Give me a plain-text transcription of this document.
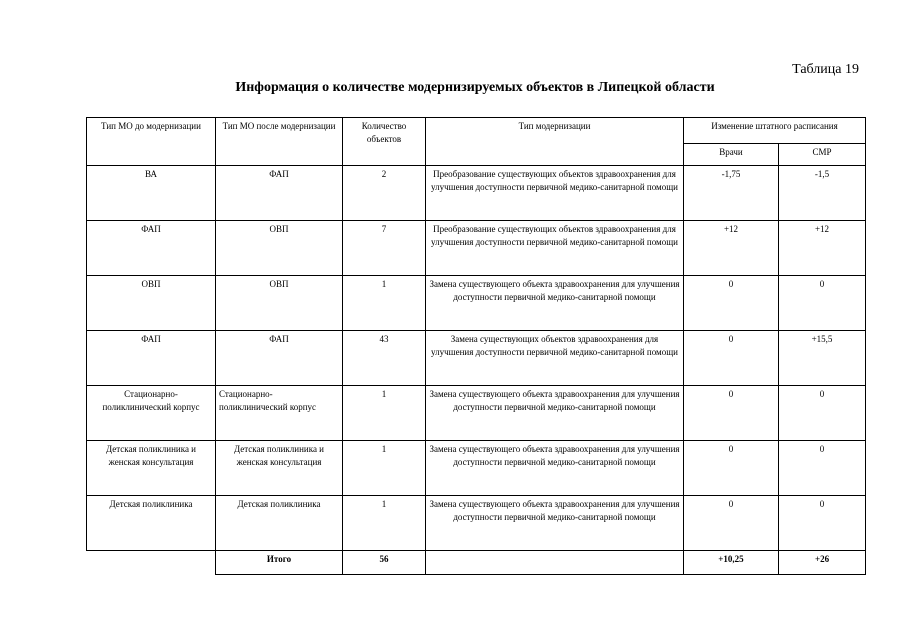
Таблица 19
Информация о количестве модернизируемых объектов в Липецкой области
Тип МО до модернизации	Тип МО после модернизации	Количество объектов	Тип модернизации	Изменение штатного расписания	
				Врачи	СМР
ВА	ФАП	2	Преобразование существующих объектов здравоохранения для улучшения доступности первичной медико-санитарной помощи	-1,75	-1,5
ФАП	ОВП	7	Преобразование существующих объектов здравоохранения для улучшения доступности первичной медико-санитарной помощи	+12	+12
ОВП	ОВП	1	Замена существующего объекта здравоохранения для улучшения доступности первичной медико-санитарной помощи	0	0
ФАП	ФАП	43	Замена существующих объектов здравоохранения для улучшения доступности первичной медико-санитарной помощи	0	+15,5
Стационарно-поликлинический корпус	Стационарно-поликлинический корпус	1	Замена существующего объекта здравоохранения для улучшения доступности первичной медико-санитарной помощи	0	0
Детская поликлиника и женская консультация	Детская поликлиника и женская консультация	1	Замена существующего объекта здравоохранения для улучшения доступности первичной медико-санитарной помощи	0	0
Детская поликлиника	Детская поликлиника	1	Замена существующего объекта здравоохранения для улучшения доступности первичной медико-санитарной помощи	0	0
	Итого	56		+10,25	+26
